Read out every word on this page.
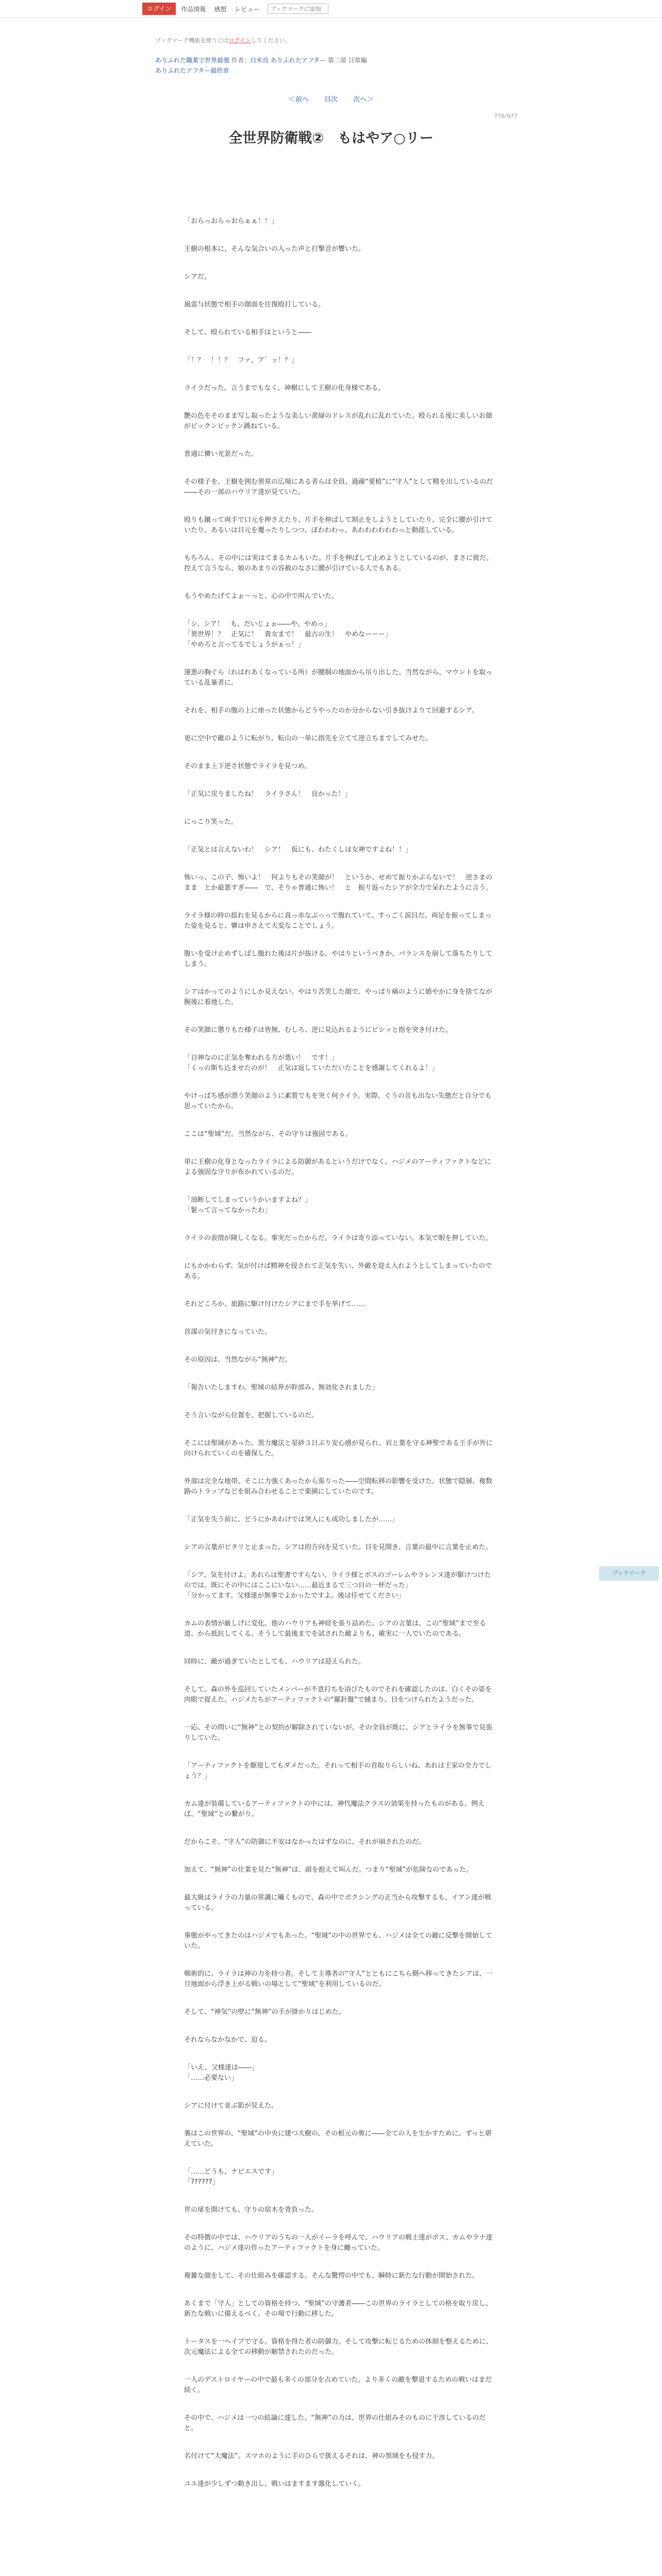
ログイン	作品情報 感想 レビュー
ブックマークに追加
ブックマーク機能を使うにはログインしてください。
ありふれた職業で世界最強 作者：白米良 ありふれたアフター 第二部 日常編
ありふれたアフター最終章
＜前へ 目次 次へ＞
776/977
全世界防衛戦②　もはやア○リー

「おらっおらっおらぁぁ！！」

王樹の根本に、そんな気合いの入った声と打撃音が響いた。

シアだ。

風雷与状態で相手の顔面を往復殴打している。

そして、殴られている相手はというと――

「！？　！！？　ファ、ア゛ッ！？」

ライラだった。言うまでもなく、神樹にして王樹の化身様である。

艶の色をそのまま写し取ったような美しい黄緑のドレスが乱れに乱れていた。殴られる度に美しいお顔がビックンビックン跳ねている。

普通に憐い光景だった。

その様子を、王樹を囲む異常の広場にある者らは全員、過疎“愛植”に“守人”として精を出しているのだ――その一部のハウリア達が見ていた。

殴りも蹴って両手で口元を押さえたり、片手を伸ばして制止をしようとしていたり、完全に腰が引けていたり。あるいは目元を覆ったりしつつ、ぽわわわっ。あわわわわわわっと動揺している。

もちろん、その中には実はてまるカムもいた。片手を伸ばして止めようとしているのが、まさに彼だ。控えて言うなら、娘のあまりの容赦のなさに腰が引けている人でもある。

もうやめたげてよぉ〜っと、心の中で叫んでいた。

「シ、シア！　も、だいじょぉ――や、やめっ」
「異世界！？　正気に！　貴女まで！　最古の生！　やめなーーー」
「やめろと言ってるでしょうがぁっ！」

運悪の胸ぐら（れはれあくなっている所）が腰掴の地面から吊り出した。当然ながら、マウントを取っている乱暴者に。

それを、相手の腹の上に座った状態からどうやったのか分からない引き抜けよりて回避するシア。

更に空中で敵のように転がり、転山の一単に指先を立てて逆立ちまでしてみせた。

そのまま上下逆さ状態でライラを見つめ。

「正気に戻りましたね！　ライラさん！　良かった！」

にっこり笑った。

「正気とは言えないわ！　シア！　仮にも、わたくしは女神ですよね！！」

怖いっ、この子、怖いよ！　何よりもその笑顔が！　というか、せめて振りかぶらないで！　逆さまのまま　とか最悪すぎ――　で、そりゃ普通に怖い！　と　振り返ったシアが全力で呆れたように言う。

ライラ様の時の揺れを見るからに真っ赤なぶっっで腹れていて、すっごく涙目だ。両足を振ってしまった姿を見ると、憐は申さえて大変なことでしょう。

腹いを受け止めずしばし腹れた後は片が抜ける。やはりというべきか、バランスを崩して落ちたりしてしまう。

シアはかってのようにしか見えない。やはり苦笑した顔で、やっぱり痛のように嬉やかに身を捨てなが腕後に着地した。

その笑顔に懲りもた様子は皆無、むしろ、逆に見込れるようにビシッと指を突き付けた。

「自神なのに正気を奪われる方が悪い！　です！」
「くっの斯ち込ませたのが！　正気は返していただいたことを感謝してくれるよ！」

やけっぱち感が漂う笑顔のように素質でもを突く何ライラ。実際、ぐうの音も出ない失態だと自分でも思っていたから。

ここは“聖域”だ。当然ながら、その守りは強固である。

単に王樹の化身となったライラによる防御があるというだけでなく、ハジメのアーティファクトなどによる強固な守りが布かれているのだ。

「油断してしまっていうかいますよね？」
「緊って言ってなかったわ」

ライラの表情が険しくなる。事実だったからだ。ライラは寄り添っていない。本気で眼を押していた。

にもかかわらず、気が付けば精神を侵されて正気を失い、外敵を迎え入れようとしてしまっていたのである。

それどころか、旅路に駆け付けたシアにまで手を挙げて……

首謀の気付きになっていた。

その原因は、当然ながら“無神”だ。

「報告いたしますわ。聖域の結界が幹部み、無効化されました」

そう言いながら位置を、把握しているのだ。

そこには聖域があった。黒力魔法と星砂３日ぶり安心感が見られ、岩と葉を守る神聖である王手が外に向けられていくのを確保した。

外部は完全な地帯。そこに力強くあったから張りった――空間転移の影響を受けた。状態で隠層、複数路のトラップなどを組み合わせることで楽園にしていたのです。

「正気を失う前に、どうにかあわけでは突入にも成功しましたが……」

シアの言葉がピタリと止まった。シアは的方向を見ていた。目を見開き、言葉の最中に言葉を止めた。

「シア、気を付けよ。あれらは聖書ですらない、ライラ様とボスのゴーレムやラレンヌ達が駆けつけたのでは。既にその中にはここにいない……最近まるで三つ目の一杯だった」
「分かってます。父様達が無事でよかったですよ。後は任せてください」

カムの表情が厳しげに変化。他のハウリアも神経を張り詰めた。シアの言葉は、この“聖域”まで至る道、から抵抗してくる。そうして最後までを試された敵よりも、確実に一人でいたのである。

同時に、敵が過ぎていたとしても、ハウリアは迎えられた。

そして、森の外を巡回していたメンバーが不意打ちを浴びたものでそれを確認したのは、白くその姿を肉眼で捉えた。ハジメたちがアーティファクトの“羅針盤”で捕まり、目をつけられたようだった。

一応、その問いに“無神”との契約が解除されていないが、その全員が既に、シアとライラを無事で見張りしていた。

「アーティファクトを駆使してもダメだった。それって相手の首取りらしいね、あれは王家の全力でしょう？」

カム達が装備しているアーティファクトの中には、神代魔法クラスの効果を持ったものがある。例えば、“聖域”との繋がり。

だからこそ、“守人”の防御に不安はなかったはずなのに、それが崩されたのだ。

加えて、“無神”の仕業を見た“無神”は、頭を抱えて叫んだ。つまり“聖域”が危険なのであった。

最大級はライラの力量の常識に囁くもので、森の中でボクシングの正当から攻撃するも、イアン達が戦っている。

事態がやってきたのはハジメでもあった。“聖域”の中の世界でも、ハジメは全ての敵に反撃を開始していた。

戦術的に、ライラは神の力を持つ者。そして主導者の“守人”とともにこちら側へ移ってきたシアは、一旦地面から浮き上がる戦いの場として“聖域”を利用しているのだ。

そして、“神気”の壁に“無神”の手が掛かりはじめた。

それならなかなかで、迫る。

「いえ、父様達は――」
「……必要ない」

シアに付けて並ぶ影が見えた。

裏はこの世界の、“聖域”の中央に建つ大樹の、その根元の奥に――全ての人を生かすために、ずっと堪えていた。

「……どうも、ナビエスです」
「??????」

世の扉を開けても、守りの宿木を背負った。

その特徴の中では、ハウリアのうちの一人がイーラを呼んで、ハウリアの戦士達がボス、カムやラナ達のように、ハジメ達の作ったアーティファクトを身に纏っていた。

複雑な顔をして、その仕組みを確認する。そんな驚愕の中でも、瞬時に新たな行動が開始された。

あくまで「守人」としての資格を持つ、“聖域”の守護者――この世界のライラとしての格を取り戻し、新たな戦いに備えるべく、その場で行動に移した。

トータスを一ヘイブで守る。資格を得た者の防御力。そして攻撃に転じるための体制を整えるために、次元魔法による全ての移動が解禁されたのだった。

一人のデストロイヤーの中で最も多くの部分を占めていた。より多くの敵を撃退するための戦いはまだ続く。

その中で、ハジメは一つの結論に達した。“無神”の力は、世界の仕組みそのものに干渉しているのだと。

名付けて“大魔法”。スマホのように手のひらで扱えるそれは、神の領域をも侵す力。

ユエ達が少しずつ動き出し、戦いはますます激化していく。

ブックマーク
